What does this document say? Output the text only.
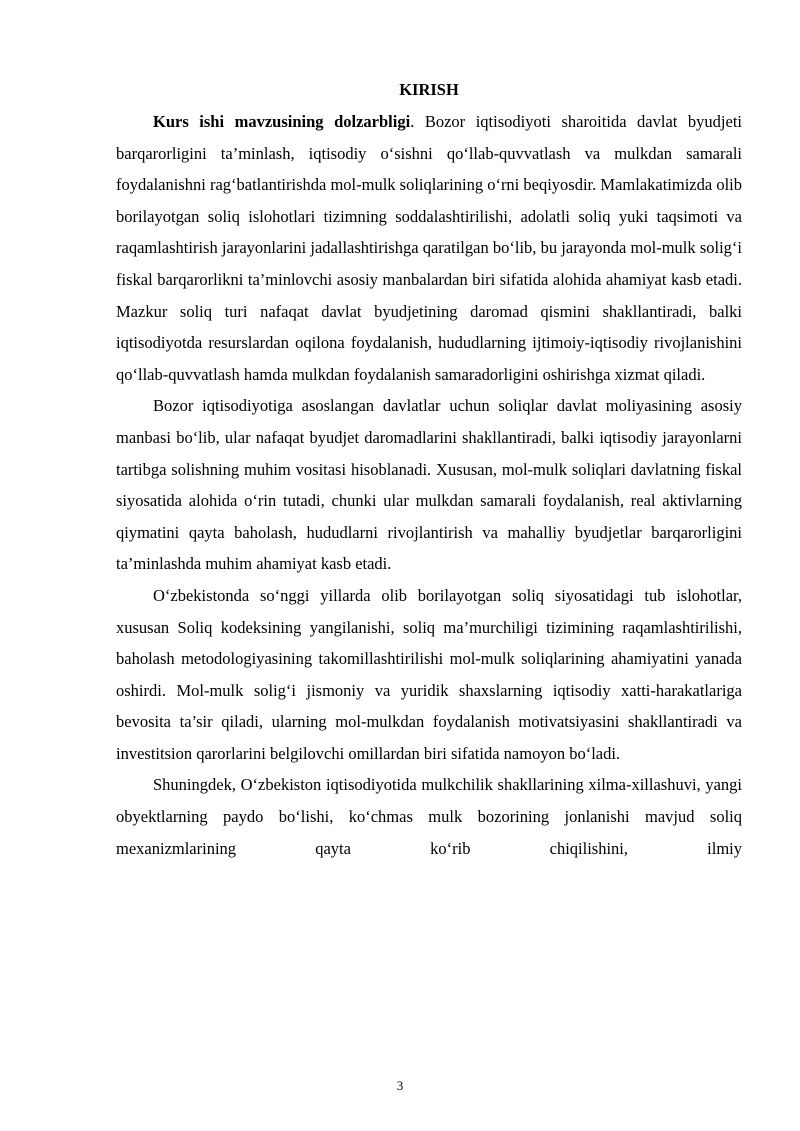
KIRISH

Kurs ishi mavzusining dolzarbligi. Bozor iqtisodiyoti sharoitida davlat byudjeti barqarorligini ta’minlash, iqtisodiy o‘sishni qo‘llab-quvvatlash va mulkdan samarali foydalanishni rag‘batlantirishda mol-mulk soliqlarining o‘rni beqiyosdir. Mamlakatimizda olib borilayotgan soliq islohotlari tizimning soddalashtirilishi, adolatli soliq yuki taqsimoti va raqamlashtirish jarayonlarini jadallashtirishga qaratilgan bo‘lib, bu jarayonda mol-mulk solig‘i fiskal barqarorlikni ta’minlovchi asosiy manbalardan biri sifatida alohida ahamiyat kasb etadi. Mazkur soliq turi nafaqat davlat byudjetining daromad qismini shakllantiradi, balki iqtisodiyotda resurslardan oqilona foydalanish, hududlarning ijtimoiy-iqtisodiy rivojlanishini qo‘llab-quvvatlash hamda mulkdan foydalanish samaradorligini oshirishga xizmat qiladi.

Bozor iqtisodiyotiga asoslangan davlatlar uchun soliqlar davlat moliyasining asosiy manbasi bo‘lib, ular nafaqat byudjet daromadlarini shakllantiradi, balki iqtisodiy jarayonlarni tartibga solishning muhim vositasi hisoblanadi. Xususan, mol-mulk soliqlari davlatning fiskal siyosatida alohida o‘rin tutadi, chunki ular mulkdan samarali foydalanish, real aktivlarning qiymatini qayta baholash, hududlarni rivojlantirish va mahalliy byudjetlar barqarorligini ta’minlashda muhim ahamiyat kasb etadi.

O‘zbekistonda so‘nggi yillarda olib borilayotgan soliq siyosatidagi tub islohotlar, xususan Soliq kodeksining yangilanishi, soliq ma’murchiligi tizimining raqamlashtirilishi, baholash metodologiyasining takomillashtirilishi mol-mulk soliqlarining ahamiyatini yanada oshirdi. Mol-mulk solig‘i jismoniy va yuridik shaxslarning iqtisodiy xatti-harakatlariga bevosita ta’sir qiladi, ularning mol-mulkdan foydalanish motivatsiyasini shakllantiradi va investitsion qarorlarini belgilovchi omillardan biri sifatida namoyon bo‘ladi.

Shuningdek, O‘zbekiston iqtisodiyotida mulkchilik shakllarining xilma-xillashuvi, yangi obyektlarning paydo bo‘lishi, ko‘chmas mulk bozorining jonlanishi mavjud soliq mexanizmlarining qayta ko‘rib chiqilishini, ilmiy

3
